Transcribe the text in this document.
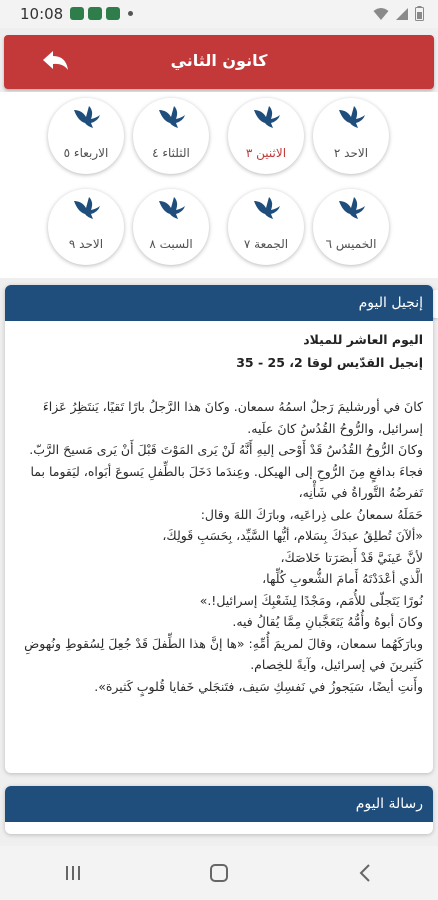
10:08
كانون الثاني
الاحد ٢
الاثنين ٣
الثلثاء ٤
الاربعاء ٥
الخميس ٦
الجمعة ٧
السبت ٨
الاحد ٩
إنجيل اليوم
اليوم العاشر للميلاد
إنجيل القدّيس لوقا 2، 25 - 35

كانَ في أورشليمَ رَجلٌ اسمُهُ سمعان. وكانَ هذا الرَّجلُ بارًا تَقيًا، يَنتَظِرُ عَزاءَ إسرائيل، والرُّوحُ القُدُسُ كانَ علَيه.

وكانَ الرُّوحُ القُدُسُ قَدْ أَوْحى إليهِ أَنَّهُ لَنْ يَرى المَوْتَ قَبْلَ أَنْ يَرى مَسيحَ الرَّبّ.

فجاءَ بدافعٍ مِنَ الرُّوحِ إلى الهيكل. وعِندَما دَخَلَ بالطِّفلِ يَسوعَ أبَواه، ليَقوما بما تَفرضُهُ التَّوراةُ في شَأْنِه،

حَمَلَهُ سمعانُ على ذِراعَيه، وبارَكَ اللهَ وقال:

«ألآنَ تُطلِقُ عبدَكَ بِسَلام، أيُّها السَّيِّد، بِحَسَبِ قَولِكَ،

لأنَّ عَينَيَّ قَدْ أَبصَرَتا خَلاصَكَ،

الَّذي أعْدَدْتَهُ أَمامَ الشُّعوبِ كُلِّها،

نُورًا يَتَجلّى للأُمَم، ومَجْدًا لِشَعْبِكَ إسرائيل!.»

وكانَ أبوهُ وأُمُّهُ يَتَعَجَّبانِ مِمَّا يُقالُ فيه.

وبارَكَهُما سمعان، وقالَ لمريمَ أُمِّهِ: «ها إنَّ هذا الطِّفلَ قَدْ جُعِلَ لِسُقوطِ ونُهوضِ كَثيرينَ في إسرائيل، وآيةً للخِصام.

وأَنتِ أيضًا، سَيَجوزُ في نَفسِكِ سَيف، فتَنجَلي خَفايا قُلوبٍ كَثيرة».

رسالة اليوم
